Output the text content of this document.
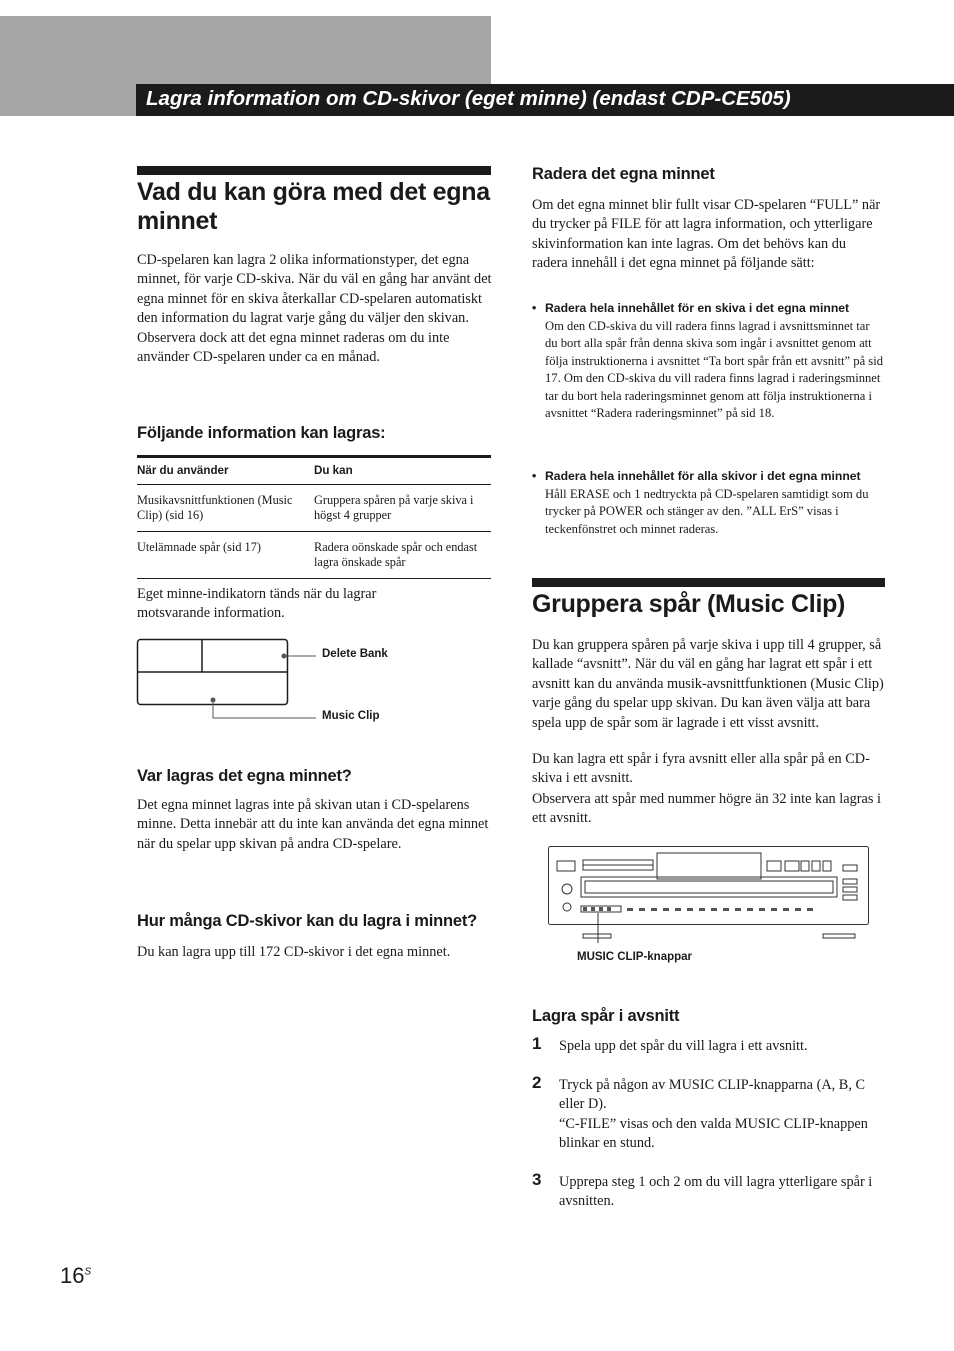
Lagra information om CD-skivor (eget minne) (endast CDP-CE505)
Vad du kan göra med det egna minnet
CD-spelaren kan lagra 2 olika informationstyper, det egna minnet, för varje CD-skiva. När du väl en gång har använt det egna minnet för en skiva återkallar CD-spelaren automatiskt den information du lagrat varje gång du väljer den skivan. Observera dock att det egna minnet raderas om du inte använder CD-spelaren under ca en månad.
Följande information kan lagras:
När du använder	Du kan
Musikavsnittfunktionen (Music Clip) (sid 16)	Gruppera spåren på varje skiva i högst 4 grupper
Utelämnade spår (sid 17)	Radera oönskade spår och endast lagra önskade spår
Eget minne-indikatorn tänds när du lagrar motsvarande information.
Delete Bank
Music Clip
Var lagras det egna minnet?
Det egna minnet lagras inte på skivan utan i CD-spelarens minne. Detta innebär att du inte kan använda det egna minnet när du spelar upp skivan på andra CD-spelare.
Hur många CD-skivor kan du lagra i minnet?
Du kan lagra upp till 172 CD-skivor i det egna minnet.
Radera det egna minnet
Om det egna minnet blir fullt visar CD-spelaren “FULL” när du trycker på FILE för att lagra information, och ytterligare skivinformation kan inte lagras. Om det behövs kan du radera innehåll i det egna minnet på följande sätt:
• Radera hela innehållet för en skiva i det egna minnet
Om den CD-skiva du vill radera finns lagrad i avsnittsminnet tar du bort alla spår från denna skiva som ingår i avsnittet genom att följa instruktionerna i avsnittet “Ta bort spår från ett avsnitt” på sid 17. Om den CD-skiva du vill radera finns lagrad i raderingsminnet tar du bort hela raderingsminnet genom att följa instruktionerna i avsnittet “Radera raderingsminnet” på sid 18.
• Radera hela innehållet för alla skivor i det egna minnet
Håll ERASE och 1 nedtryckta på CD-spelaren samtidigt som du trycker på POWER och stänger av den. ”ALL ErS” visas i teckenfönstret och minnet raderas.
Gruppera spår (Music Clip)
Du kan gruppera spåren på varje skiva i upp till 4 grupper, så kallade “avsnitt”. När du väl en gång har lagrat ett spår i ett avsnitt kan du använda musik-avsnittfunktionen (Music Clip) varje gång du spelar upp skivan. Du kan även välja att bara spela upp de spår som är lagrade i ett visst avsnitt.
Du kan lagra ett spår i fyra avsnitt eller alla spår på en CD-skiva i ett avsnitt.
Observera att spår med nummer högre än 32 inte kan lagras i ett avsnitt.
MUSIC CLIP-knappar
Lagra spår i avsnitt
1 Spela upp det spår du vill lagra i ett avsnitt.
2 Tryck på någon av MUSIC CLIP-knapparna (A, B, C eller D).
“C-FILE” visas och den valda MUSIC CLIP-knappen blinkar en stund.
3 Upprepa steg 1 och 2 om du vill lagra ytterligare spår i avsnitten.
$16^S$
